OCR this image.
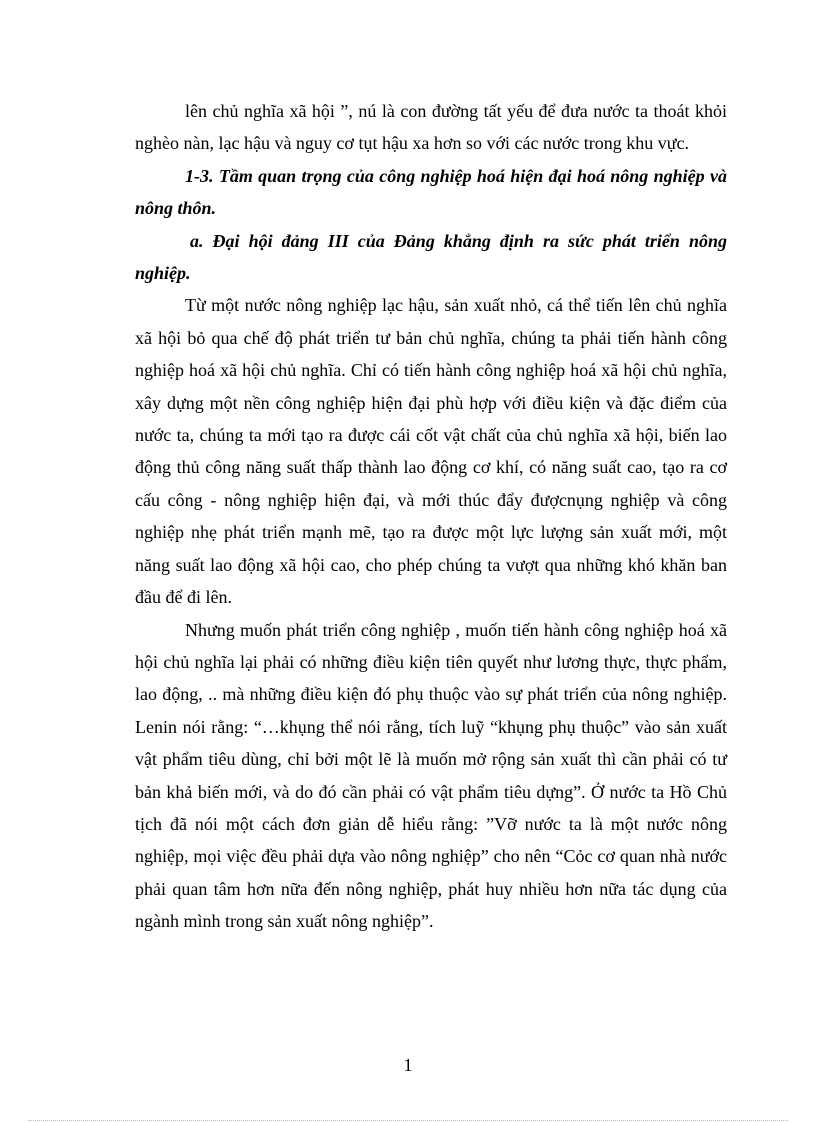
lên chủ nghĩa xã hội ”, nú là con đường tất yếu để đưa nước ta thoát khỏi nghèo nàn, lạc hậu và nguy cơ tụt hậu xa hơn so với các nước trong khu vực.

1-3. Tầm quan trọng của công nghiệp hoá hiện đại hoá nông nghiệp và nông thôn.

a. Đại hội đảng III của Đảng khẳng định ra sức phát triển nông nghiệp.

Từ một nước nông nghiệp lạc hậu, sản xuất nhỏ, cá thể tiến lên chủ nghĩa xã hội bỏ qua chế độ phát triển tư bản chủ nghĩa, chúng ta phải tiến hành công nghiệp hoá xã hội chủ nghĩa. Chỉ có tiến hành công nghiệp hoá xã hội chủ nghĩa, xây dựng một nền công nghiệp hiện đại phù hợp với điều kiện và đặc điểm của nước ta, chúng ta mới tạo ra được cái cốt vật chất của chủ nghĩa xã hội, biến lao động thủ công năng suất thấp thành lao động cơ khí, có năng suất cao, tạo ra cơ cấu công - nông nghiệp hiện đại, và mới thúc đẩy đượcnụng nghiệp và công nghiệp nhẹ phát triển mạnh mẽ, tạo ra được một lực lượng sản xuất mới, một năng suất lao động xã hội cao, cho phép chúng ta vượt qua những khó khăn ban đầu để đi lên.

Nhưng muốn phát triển công nghiệp , muốn tiến hành công nghiệp hoá xã hội chủ nghĩa lại phải có những điều kiện tiên quyết như lương thực, thực phẩm, lao động, .. mà những điều kiện đó phụ thuộc vào sự phát triển của nông nghiệp. Lenin nói rằng: “…khụng thể nói rằng, tích luỹ “khụng phụ thuộc” vào sản xuất vật phẩm tiêu dùng, chỉ bởi một lẽ là muốn mở rộng sản xuất thì cần phải có tư bản khả biến mới, và do đó cần phải có vật phẩm tiêu dựng”. Ở nước ta Hồ Chủ tịch đã nói một cách đơn giản dễ hiểu rằng: ”Vỡ nước ta là một nước nông nghiệp, mọi việc đều phải dựa vào nông nghiệp” cho nên “Cỏc cơ quan nhà nước phải quan tâm hơn nữa đến nông nghiệp, phát huy nhiều hơn nữa tác dụng của ngành mình trong sản xuất nông nghiệp”.

1
